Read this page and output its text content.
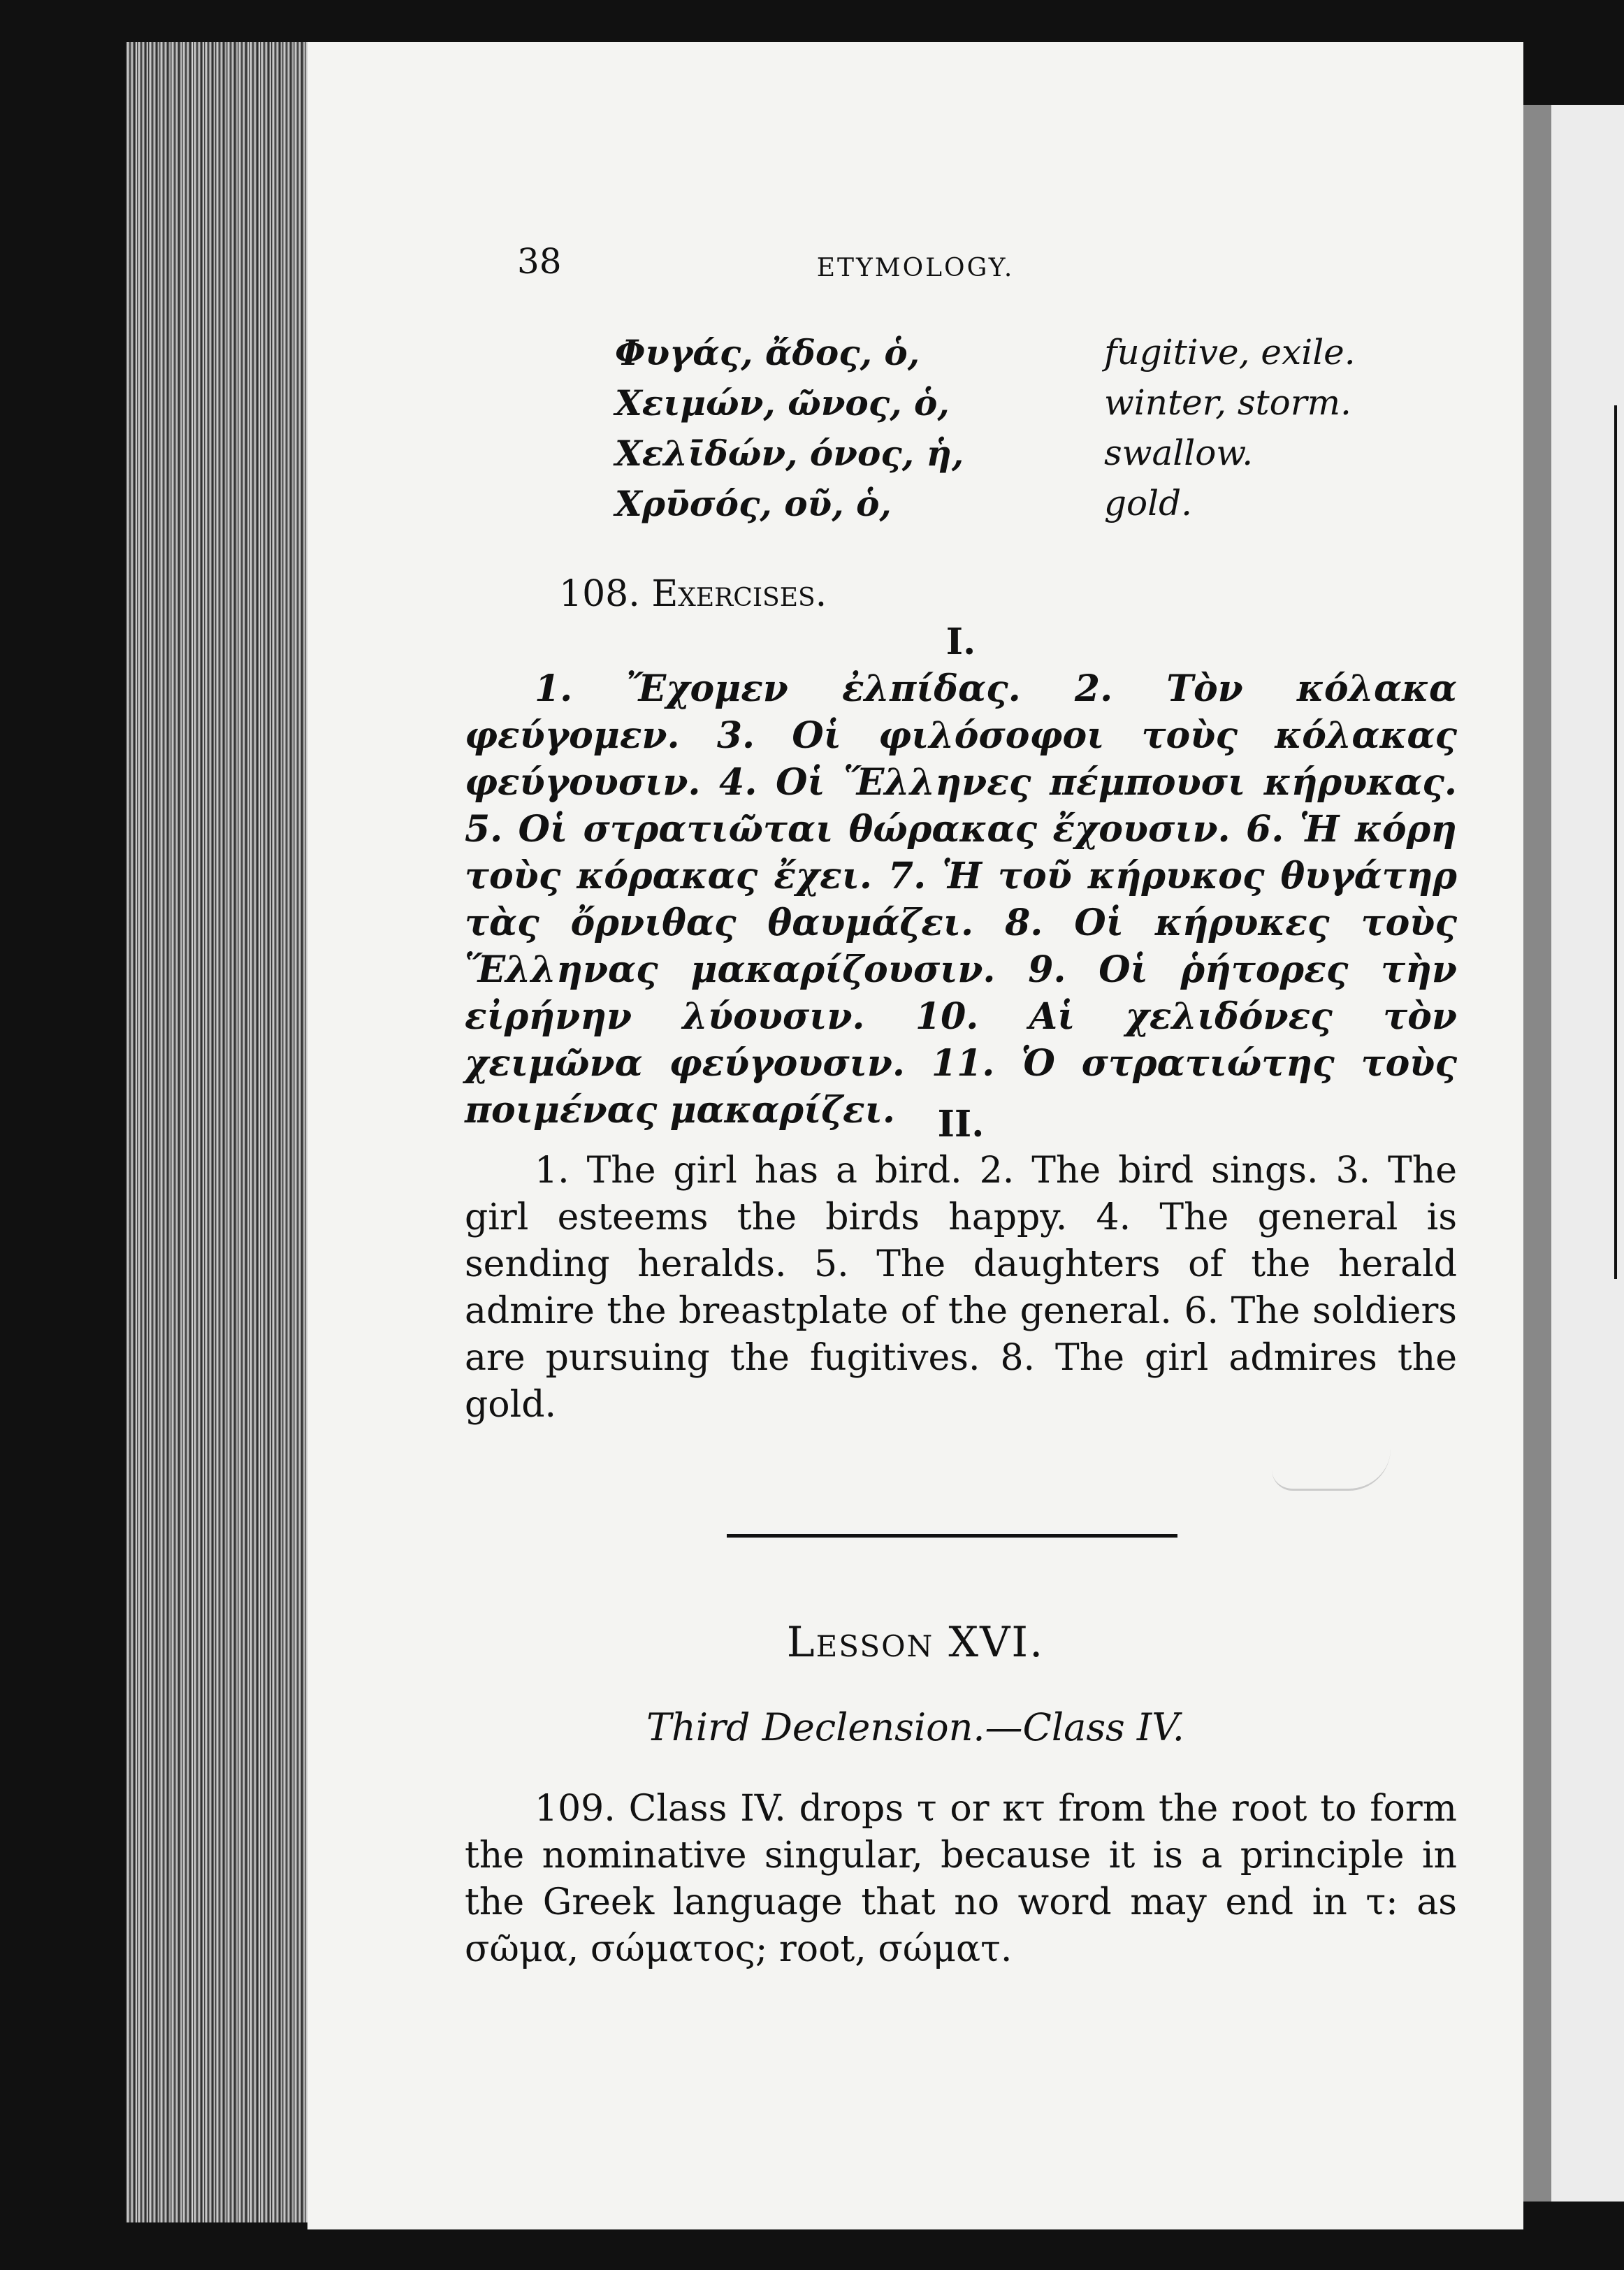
38	ETYMOLOGY.
Φυγάς, ἄδος, ὁ,	fugitive, exile.
Χειμών, ῶνος, ὁ,	winter, storm.
Χελῑδών, όνος, ἡ,	swallow.
Χρῡσός, οῦ, ὁ,	gold.
108. Exercises.

I.

1. Ἔχομεν ἐλπίδας. 2. Τὸν κόλακα φεύγομεν. 3. Οἱ φιλόσοφοι τοὺς κόλακας φεύγουσιν. 4. Οἱ Ἕλληνες πέμπουσι κήρυκας. 5. Οἱ στρατιῶται θώρακας ἔχουσιν. 6. Ἡ κόρη τοὺς κόρακας ἔχει. 7. Ἡ τοῦ κήρυκος θυγάτηρ τὰς ὄρνιθας θαυμάζει. 8. Οἱ κήρυκες τοὺς Ἕλληνας μακαρίζουσιν. 9. Οἱ ῥήτορες τὴν εἰρήνην λύουσιν. 10. Αἱ χελιδόνες τὸν χειμῶνα φεύγουσιν. 11. Ὁ στρατιώτης τοὺς ποιμένας μακαρίζει.	II.

1. The girl has a bird. 2. The bird sings. 3. The girl esteems the birds happy. 4. The general is sending heralds. 5. The daughters of the herald admire the breastplate of the general. 6. The soldiers are pursuing the fugitives. 8. The girl admires the gold.

Lesson XVI.
Third Declension.—Class IV.

109. Class IV. drops τ or κτ from the root to form the nominative singular, because it is a principle in the Greek language that no word may end in τ: as σῶμα, σώματος; root, σώματ.
